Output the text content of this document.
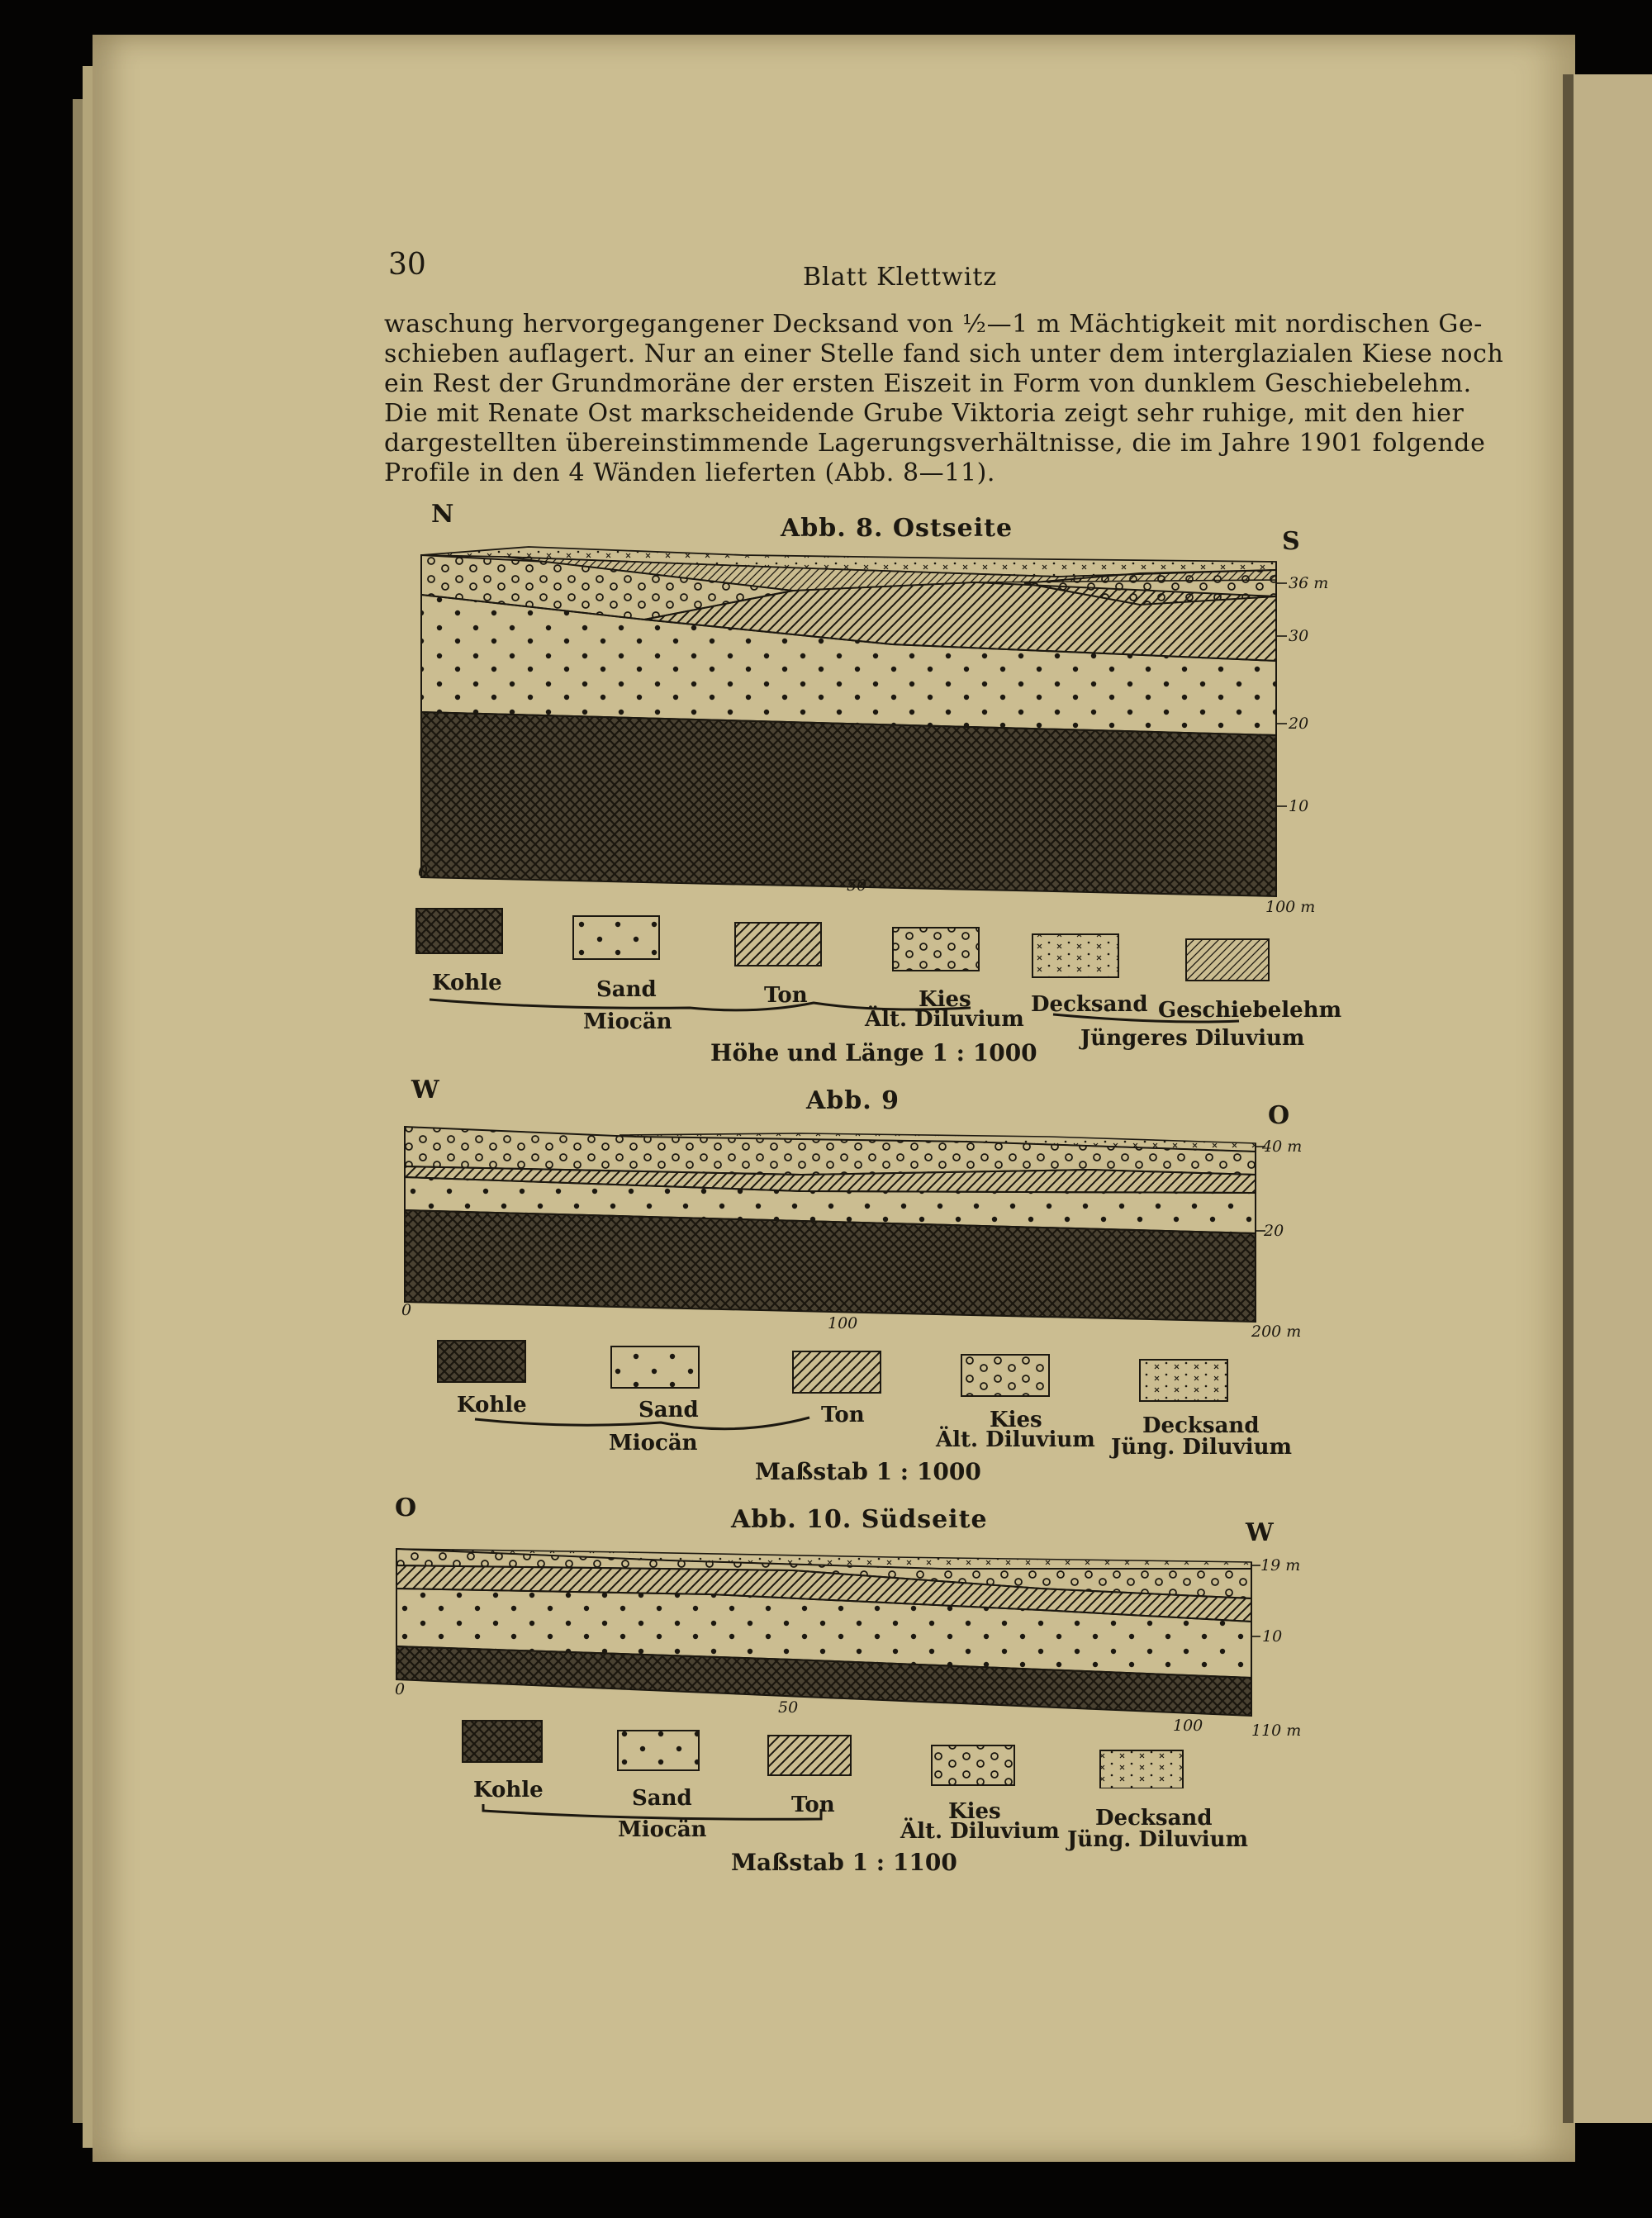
30	Blatt Klettwitz
waschung hervorgegangener Decksand von ½—1 m Mächtigkeit mit nordischen Ge-
schieben auflagert. Nur an einer Stelle fand sich unter dem interglazialen Kiese noch
ein Rest der Grundmoräne der ersten Eiszeit in Form von dunklem Geschiebelehm.
Die mit Renate Ost markscheidende Grube Viktoria zeigt sehr ruhige, mit den hier
dargestellten übereinstimmende Lagerungsverhältnisse, die im Jahre 1901 folgende
Profile in den 4 Wänden lieferten (Abb. 8—11).
N	Abb. 8. Ostseite	S
36 m
30
20
10
0
50
100 m
Kohle	Sand	Ton	Kies	Decksand Geschiebelehm
Miocän	Ält. Diluvium
Jüngeres Diluvium
Höhe und Länge 1 : 1000
W	Abb. 9
O
40 m
20
0
100	200 m
Kohle	Sand	Ton	Kies	Decksand
Miocän	Ält. Diluvium Jüng. Diluvium
Maßstab 1 : 1000
O	Abb. 10. Südseite	W
19 m
10
0
50
100	110 m
Kohle	Sand	Ton	Kies	Decksand
Miocän	Ält. Diluvium Jüng. Diluvium
Maßstab 1 : 1100
